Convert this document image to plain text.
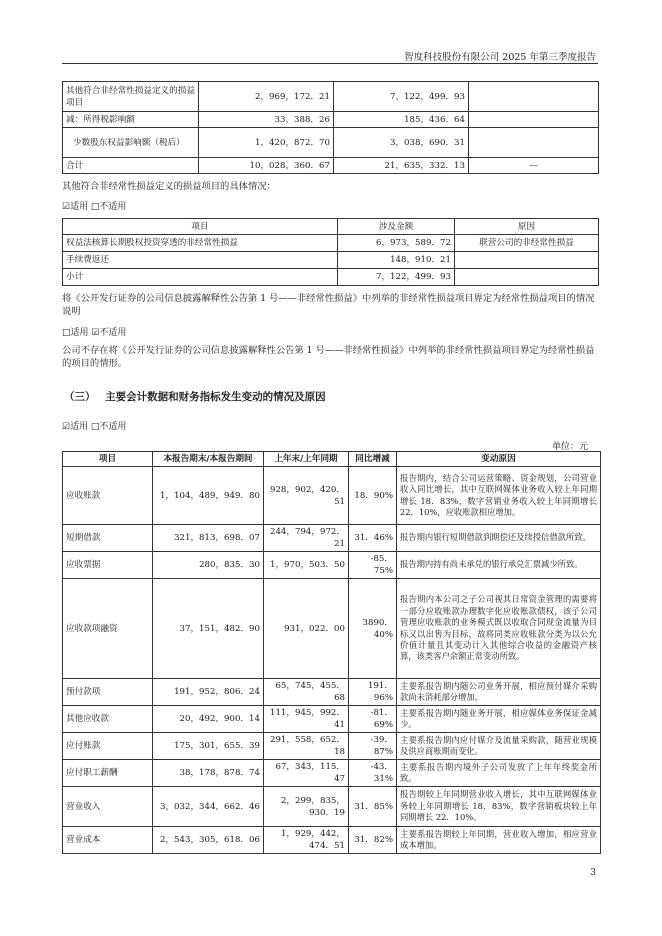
智度科技股份有限公司 2025 年第三季度报告
其他符合非经常性损益定义的损益项目	2，969，172．21	7，122，499．93	
减：所得税影响额	33，388．26	185，436．64	
少数股东权益影响额（税后）	1，420，872．70	3，038，690．31	
合计	10，028，360．67	21，635，332．13	—
其他符合非经常性损益定义的损益项目的具体情况：
☑适用 □不适用
项目	涉及金额	原因
权益法核算长期股权投资穿透的非经常性损益	6，973，589．72	联营公司的非经常性损益
手续费返还	148，910．21	
小计	7，122，499．93	
将《公开发行证券的公司信息披露解释性公告第 1 号——非经常性损益》中列举的非经常性损益项目界定为经常性损益项目的情况说明
□适用 ☑不适用
公司不存在将《公开发行证券的公司信息披露解释性公告第 1 号——非经常性损益》中列举的非经常性损益项目界定为经常性损益的项目的情形。
（三） 主要会计数据和财务指标发生变动的情况及原因
☑适用 □不适用
单位：元
项目	本报告期末/本报告期间	上年末/上年同期	同比增减	变动原因
应收账款	1，104，489，949．80	928，902，420．51	18．90%	报告期内，结合公司运营策略、资金规划，公司营业收入同比增长，其中互联网媒体业务收入较上年同期增长 18．83%，数字营销业务收入较上年同期增长 22．10%，应收账款相应增加。
短期借款	321，813，698．07	244，794，972．21	31．46%	报告期内银行短期借款到期偿还及续授信借款所致。
应收票据	280，835．30	1，970，503．50	-85．75%	报告期内持有尚未承兑的银行承兑汇票减少所致。
应收款项融资	37，151，482．90	931，022．00	3890．40%	报告期内本公司之子公司视其日常资金管理的需要将一部分应收账款办理数字化应收账款债权，该子公司管理应收账款的业务模式既以收取合同现金流量为目标又以出售为目标，故将同类应收账款分类为以公允价值计量且其变动计入其他综合收益的金融资产核算，该类客户余额正常变动所致。
预付款项	191，952，806．24	65，745，455．68	191．96%	主要系报告期内随公司业务开展，相应预付媒介采购款尚未消耗部分增加。
其他应收款	20，492，900．14	111，945，992．41	-81．69%	主要系报告期内随业务开展，相应媒体业务保证金减少。
应付账款	175，301，655．39	291，558，652．18	-39．87%	主要系报告期内应付媒介及流量采购款，随营业规模及供应商账期而变化。
应付职工薪酬	38，178，878．74	67，343，115．47	-43．31%	主要系报告期内境外子公司发放了上年年终奖金所致。
营业收入	3，032，344，662．46	2，299，835，930．19	31．85%	报告期较上年同期营业收入增长，其中互联网媒体业务较上年同期增长 18．83%，数字营销板块较上年同期增长 22．10%。
营业成本	2，543，305，618．06	1，929，442，474．51	31．82%	主要系报告期较上年同期，营业收入增加，相应营业成本增加。
3
